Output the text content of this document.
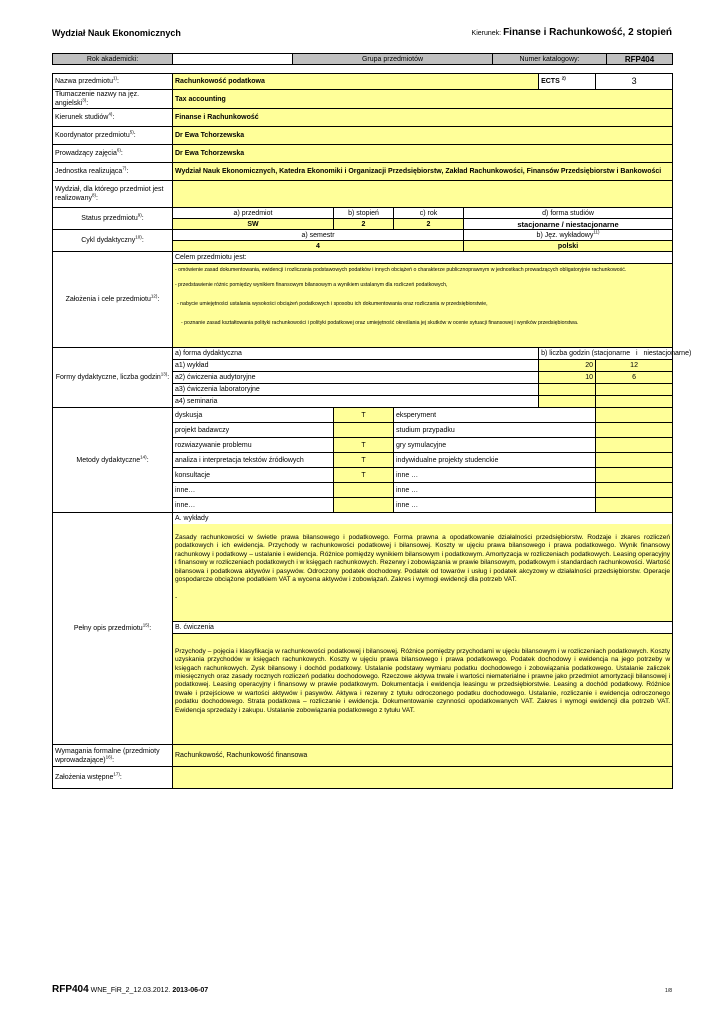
Wydział Nauk Ekonomicznych	Kierunek: Finanse i Rachunkowość, 2 stopień
Rok akademicki:		Grupa przedmiotów	Numer katalogowy:	RFP404
Nazwa przedmiotu$^{1)}$:	Rachunkowość podatkowa				ECTS $^{2)}$	3
Tłumaczenie nazwy na jęz. angielski$^{3)}$:	Tax accounting					
Kierunek studiów$^{4)}$:	Finanse i Rachunkowość					
Koordynator przedmiotu$^{5)}$:	Dr Ewa Tchorzewska					
Prowadzący zajęcia$^{6)}$:	Dr Ewa Tchorzewska					
Jednostka realizująca$^{7)}$:	Wydział Nauk Ekonomicznych, Katedra Ekonomiki i Organizacji Przedsiębiorstw, Zakład Rachunkowości, Finansów Przedsiębiorstw i Bankowości					
Wydział, dla którego przedmiot jest realizowany$^{8)}$:						
Status przedmiotu$^{9)}$:	a) przedmiot	b) stopień	c) rok	d) forma studiów		
	SW	2	2	stacjonarne / niestacjonarne		
Cykl dydaktyczny$^{10)}$:	a) semestr			b) Jęz. wykładowy$^{11)}$
	4			polski		
Założenia i cele przedmiotu$^{12)}$:	Celem przedmiotu jest:
- omówienie zasad dokumentowania, ewidencji i rozliczania podstawowych podatków i innych obciążeń o charakterze publicznoprawnym w jednostkach prowadzących obligatoryjnie rachunkowość.
- przedstawienie różnic pomiędzy wynikiem finansowym bilansowym a wynikiem ustalanym dla rozliczeń podatkowych,
- nabycie umiejętności ustalania wysokości obciążeń podatkowych i sposobu ich dokumentowania oraz rozliczania w przedsiębiorstwie,
- poznanie zasad kształtowania polityki rachunkowości i polityki podatkowej oraz umiejętność określania jej skutków w ocenie sytuacji finansowej i wyników przedsiębiorstwa.					

Formy dydaktyczne, liczba godzin$^{13)}$:	a) forma dydaktyczna				b) liczba godzin (stacjonarne i niestacjonarne)	
	a1) wykład				20	12
	a2) ćwiczenia audytoryjne				10	6
	a3) ćwiczenia laboratoryjne					
	a4) seminaria					
Metody dydaktyczne$^{14)}$:	dyskusja	T	eksperyment			
	projekt badawczy		studium przypadku			
	rozwiazywanie problemu	T	gry symulacyjne			
	analiza i interpretacja tekstów źródłowych	T	indywidualne projekty studenckie			
	konsultacje	T	inne …			
	inne…		inne …			
	inne…		inne …			
Pełny opis przedmiotu$^{15)}$:	A. wykłady
Zasady rachunkowości w świetle prawa bilansowego i podatkowego. Forma prawna a opodatkowanie działalności przedsiębiorstw. Rodzaje i zkares rozliczeń podatkowych i ich ewidencja. Przychody w rachunkowości podatkowej i bilansowej. Koszty w ujęciu prawa bilansowego i prawa podatkowego. Wynik finansowy rachunkowy i podatkowy – ustalanie i ewidencja. Różnice pomiędzy wynikiem bilansowym i podatkowym. Amortyzacja w rozliczeniach podatkowych. Leasing operacyjny i finansowy w rozliczeniach podatkowych i w księgach rachunkowych. Rezerwy i zobowiązania w prawie bilansowym, podatkowym i standardach rachunkowości. Wartość bilansowa i podatkowa aktywów i pasywów. Odroczony podatek dochodowy. Podatek od towarów i usług i podatek akcyzowy w działalności przedsiębiorstw. Operacje gospodarcze obciążone podatkiem VAT a wycena aktywów i zobowiązań. Zakres i wymogi ewidencji dla potrzeb VAT.
-
B. ćwiczenia
Przychody – pojęcia i klasyfikacja w rachunkowości podatkowej i bilansowej. Różnice pomiędzy przychodami w ujęciu bilansowym i w rozliczeniach podatkowych. Koszty uzyskania przychodów w księgach rachunkowych. Koszty w ujęciu prawa bilansowego i prawa podatkowego. Podatek dochodowy i ewidencja na jego potrzeby w księgach rachunkowych. Zysk bilansowy i dochód podatkowy. Ustalanie podstawy wymiaru podatku dochodowego i zobowiązania podatkowego. Ustalanie zaliczek miesięcznych oraz zasady rocznych rozliczeń podatku dochodowego. Rzeczowe aktywa trwałe i wartości niematerialne i prawne jako przedmiot amortyzacji bilansowej i podatkowej. Leasing operacyjny i finansowy w prawie podatkowym. Dokumentacja i ewidencja leasingu w przedsiębiorstwie. Leasing a dochód podatkowy. Różnice trwałe i przejściowe w wartości aktywów i pasywów. Aktywa i rezerwy z tytułu odroczonego podatku dochodowego. Ustalanie, rozliczanie i ewidencja odroczonego podatku dochodowego. Strata podatkowa – rozliczanie i ewidencja. Dokumentowanie czynności opodatkowanych VAT. Zakres i wymogi ewidencji dla potrzeb VAT. Ewidencja sprzedaży i zakupu. Ustalanie zobowiązania podatkowego z tytułu VAT.					

Wymagania formalne (przedmioty wprowadzające)$^{16)}$:	Rachunkowość, Rachunkowość finansowa					
Założenia wstępne$^{17)}$:						
RFP404 WNE_FiR_2_12.03.2012. 2013-06-07	1/8
